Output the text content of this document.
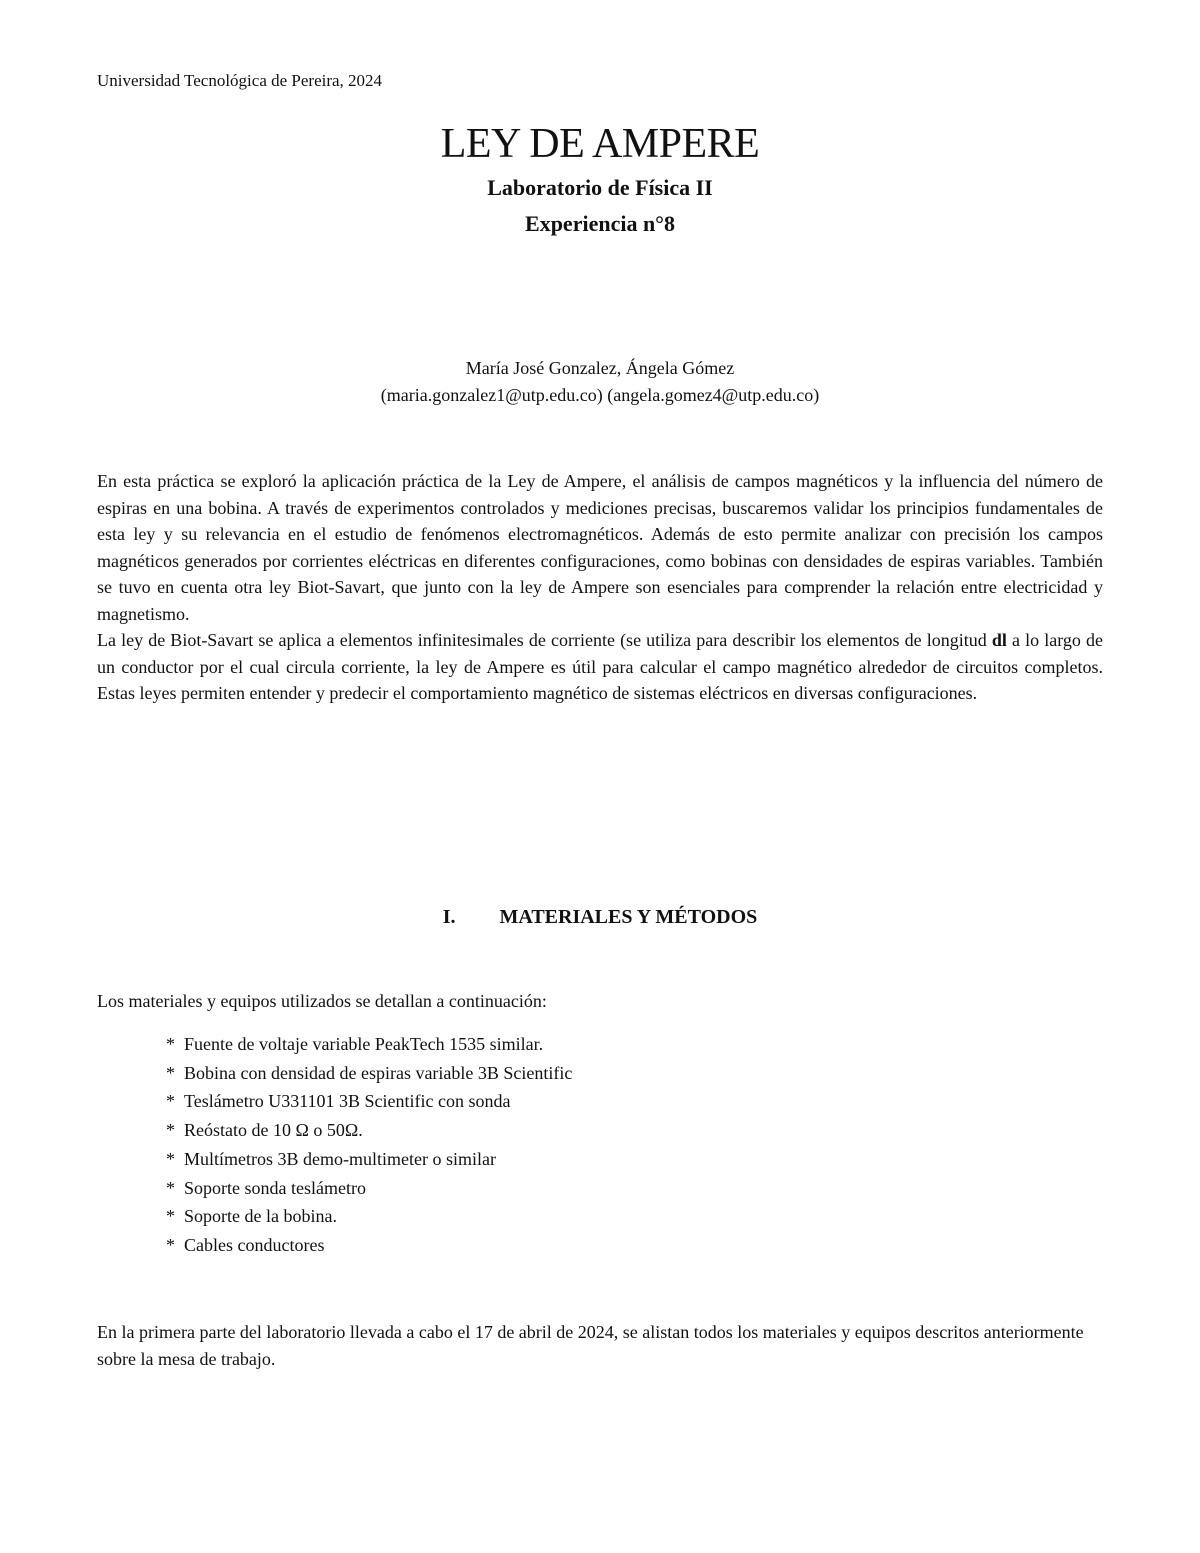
Universidad Tecnológica de Pereira, 2024
LEY DE AMPERE
Laboratorio de Física II
Experiencia n°8
María José Gonzalez, Ángela Gómez
(maria.gonzalez1@utp.edu.co) (angela.gomez4@utp.edu.co)

En esta práctica se exploró la aplicación práctica de la Ley de Ampere, el análisis de campos magnéticos y la influencia del número de espiras en una bobina. A través de experimentos controlados y mediciones precisas, buscaremos validar los principios fundamentales de esta ley y su relevancia en el estudio de fenómenos electromagnéticos. Además de esto permite analizar con precisión los campos magnéticos generados por corrientes eléctricas en diferentes configuraciones, como bobinas con densidades de espiras variables. También se tuvo en cuenta otra ley Biot-Savart, que junto con la ley de Ampere son esenciales para comprender la relación entre electricidad y magnetismo.

La ley de Biot-Savart se aplica a elementos infinitesimales de corriente (se utiliza para describir los elementos de longitud dl a lo largo de un conductor por el cual circula corriente, la ley de Ampere es útil para calcular el campo magnético alrededor de circuitos completos. Estas leyes permiten entender y predecir el comportamiento magnético de sistemas eléctricos en diversas configuraciones.

I. MATERIALES Y MÉTODOS
Los materiales y equipos utilizados se detallan a continuación:
* Fuente de voltaje variable PeakTech 1535 similar.
* Bobina con densidad de espiras variable 3B Scientific
* Teslámetro U331101 3B Scientific con sonda
* Reóstato de 10 Ω o 50Ω.
* Multímetros 3B demo-multimeter o similar
* Soporte sonda teslámetro
* Soporte de la bobina.
* Cables conductores
En la primera parte del laboratorio llevada a cabo el 17 de abril de 2024, se alistan todos los materiales y equipos descritos anteriormente sobre la mesa de trabajo.
